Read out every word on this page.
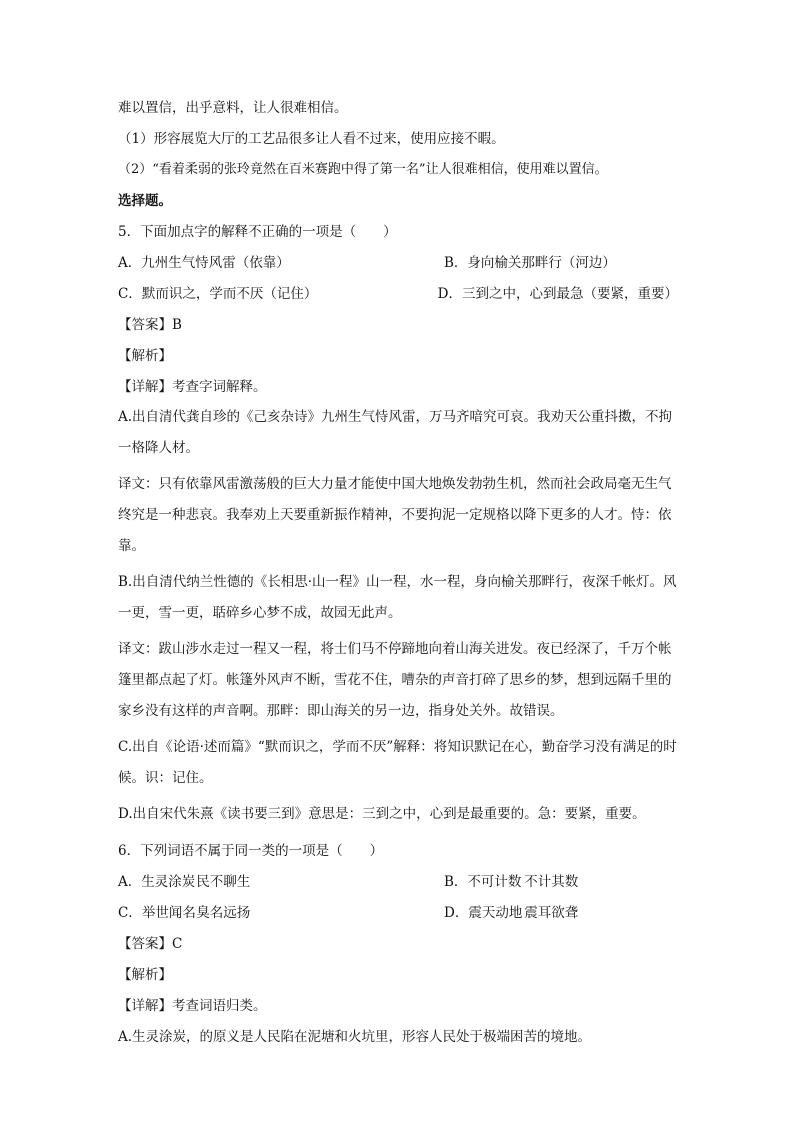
难以置信，出乎意料，让人很难相信。
（1）形容展览大厅的工艺品很多让人看不过来，使用应接不暇。
（2）“看着柔弱的张玲竟然在百米赛跑中得了第一名”让人很难相信，使用难以置信。
选择题。
5．下面加点字的解释不正确的一项是（　　）
A．九州生气恃风雷（依靠）	B．身向榆关那畔行（河边）
C．默而识之，学而不厌（记住）	D．三到之中，心到最急（要紧，重要）
【答案】B
【解析】
【详解】考查字词解释。
A.出自清代龚自珍的《己亥杂诗》九州生气恃风雷，万马齐喑究可哀。我劝天公重抖擞，不拘一格降人材。
译文：只有依靠风雷激荡般的巨大力量才能使中国大地焕发勃勃生机，然而社会政局毫无生气终究是一种悲哀。我奉劝上天要重新振作精神，不要拘泥一定规格以降下更多的人才。恃：依靠。
B.出自清代纳兰性德的《长相思·山一程》山一程，水一程，身向榆关那畔行，夜深千帐灯。风一更，雪一更，聒碎乡心梦不成，故园无此声。
译文：跋山涉水走过一程又一程，将士们马不停蹄地向着山海关进发。夜已经深了，千万个帐篷里都点起了灯。帐篷外风声不断，雪花不住，嘈杂的声音打碎了思乡的梦，想到远隔千里的家乡没有这样的声音啊。那畔：即山海关的另一边，指身处关外。故错误。
C.出自《论语·述而篇》“默而识之，学而不厌”解释：将知识默记在心，勤奋学习没有满足的时候。识：记住。
D.出自宋代朱熹《读书要三到》意思是：三到之中，心到是最重要的。急：要紧，重要。
6．下列词语不属于同一类的一项是（　　）
A．生灵涂炭 民不聊生	B．不可计数 不计其数
C．举世闻名 臭名远扬	D．震天动地 震耳欲聋
【答案】C
【解析】
【详解】考查词语归类。
A.生灵涂炭，的原义是人民陷在泥塘和火坑里，形容人民处于极端困苦的境地。
